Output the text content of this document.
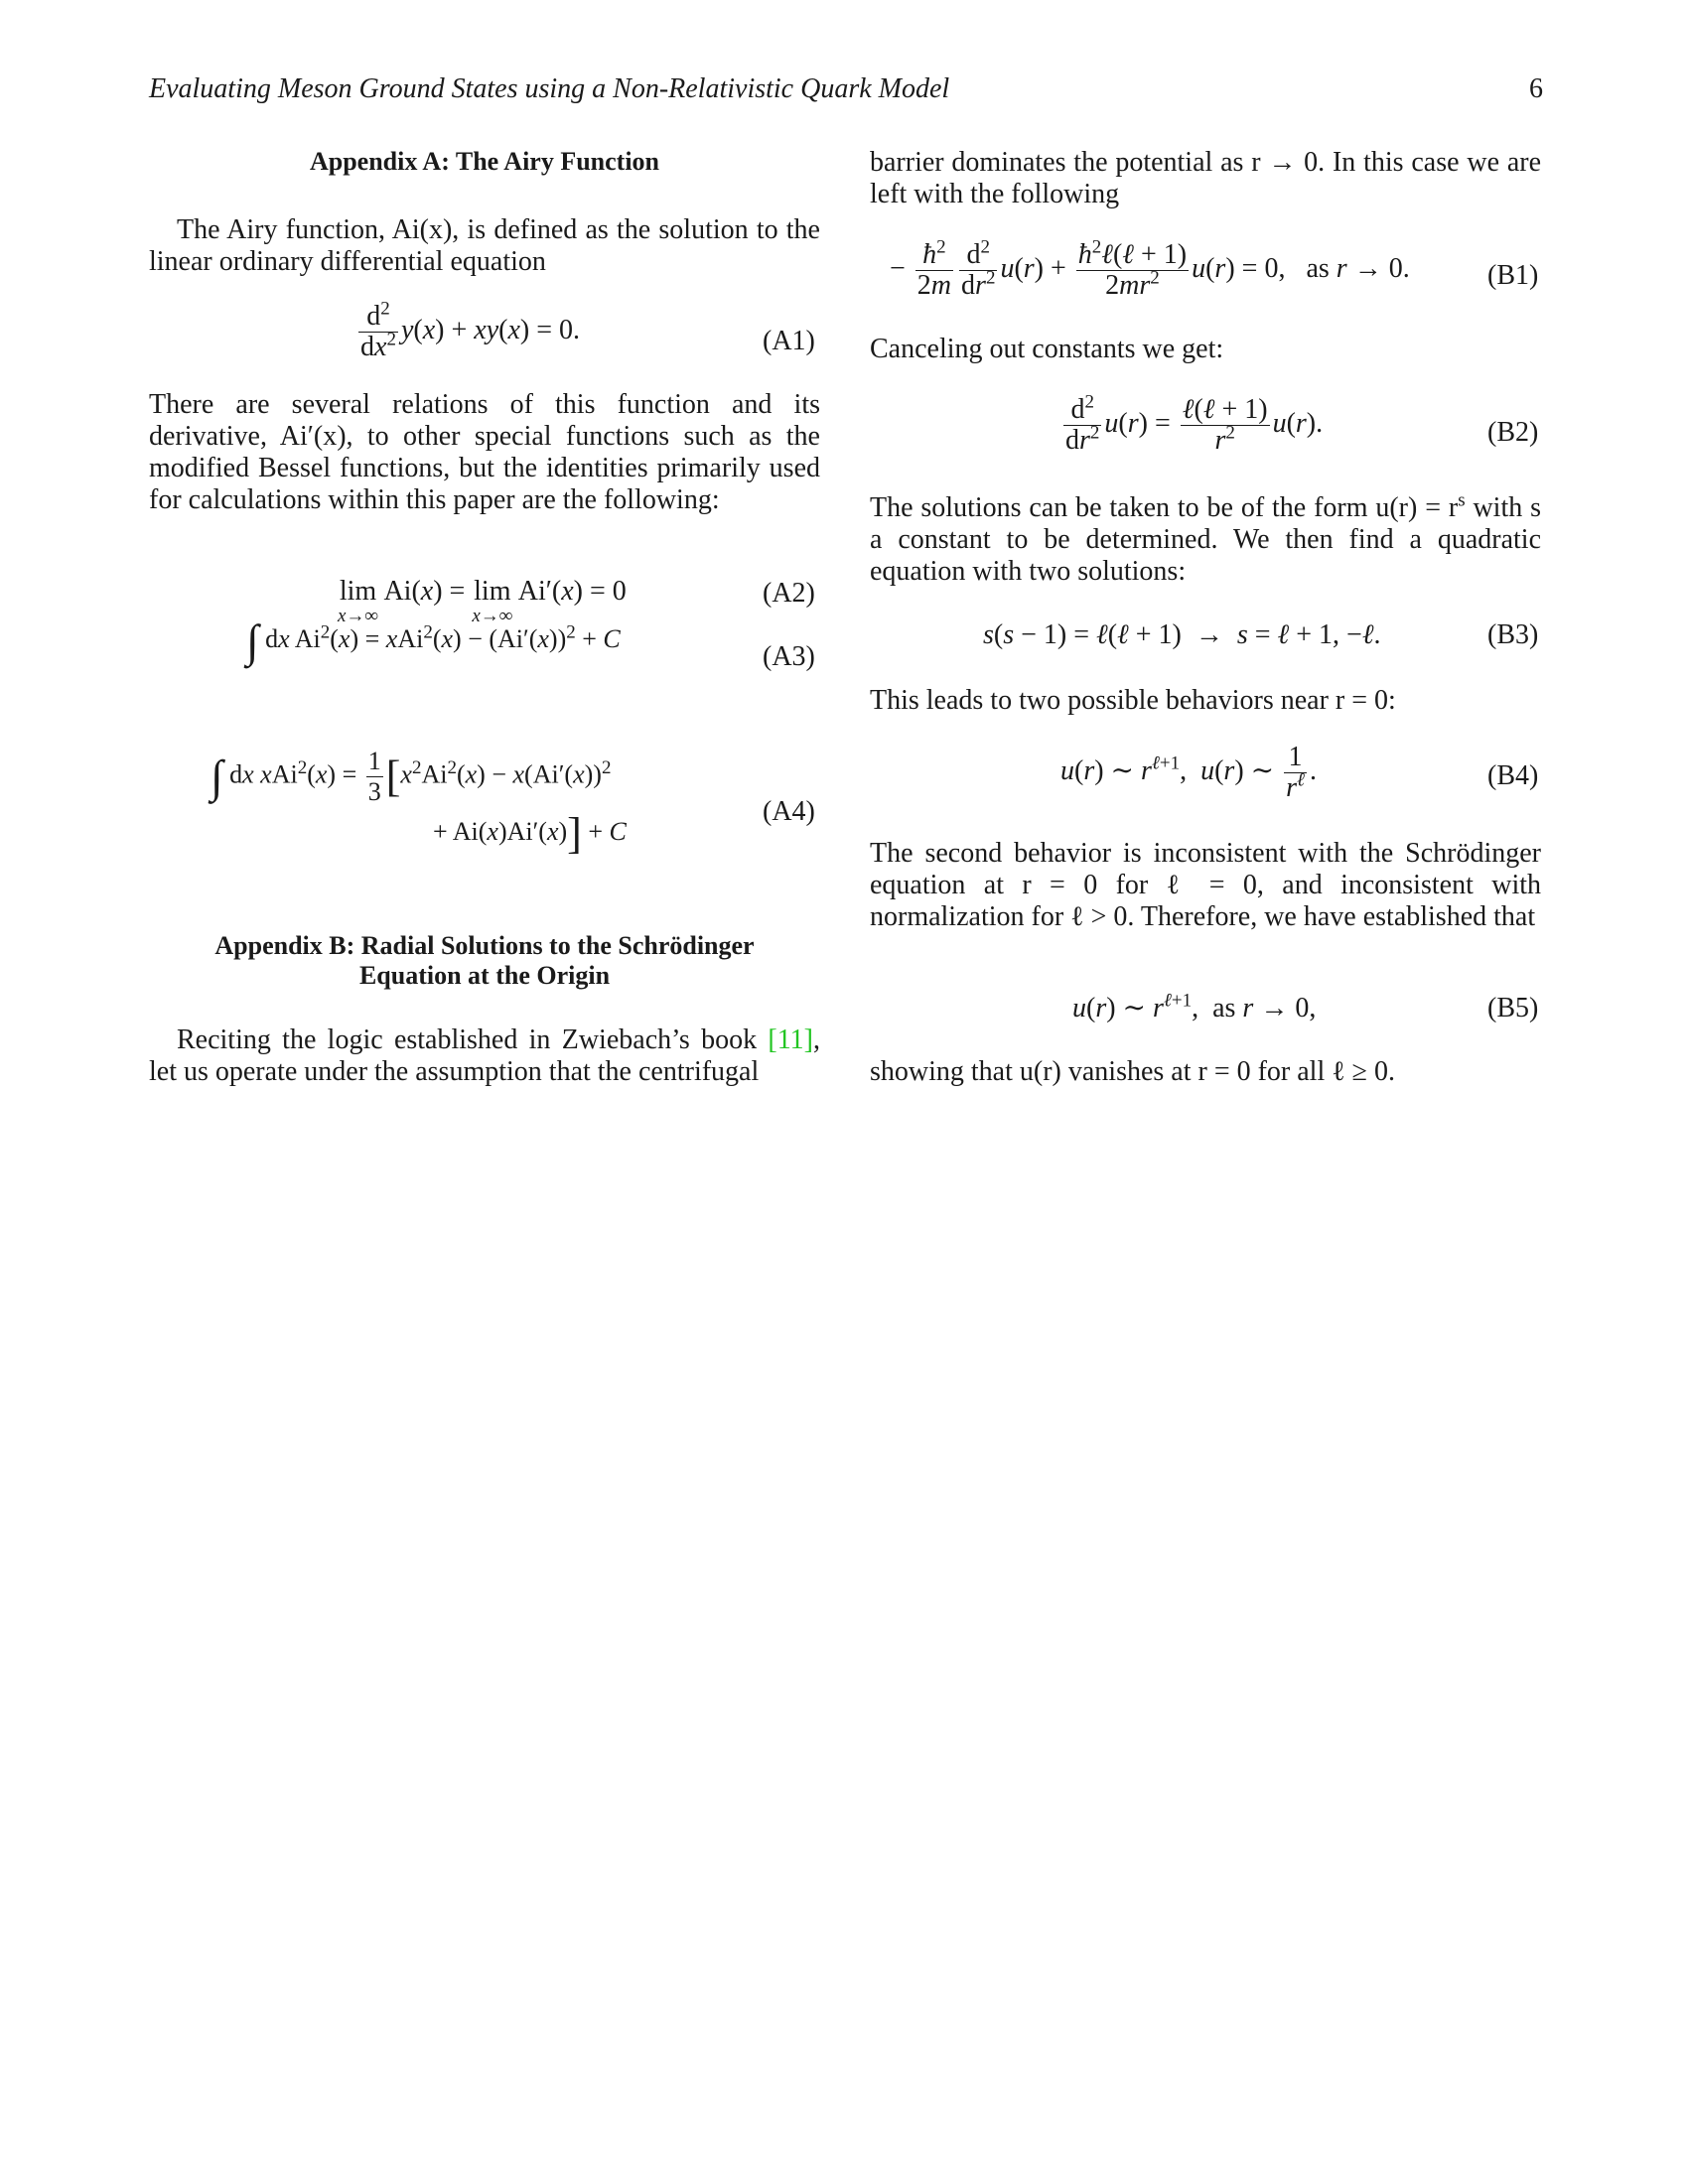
Evaluating Meson Ground States using a Non-Relativistic Quark Model	6
Appendix A: The Airy Function
The Airy function, Ai(x), is defined as the solution to the linear ordinary differential equation
$\frac{d^2}{dx^2} y(x) + xy(x) = 0$.	(A1)
There are several relations of this function and its derivative, Ai′(x), to other special functions such as the modified Bessel functions, but the identities primarily used for calculations within this paper are the following:
lim
x→∞
Ai(x) = lim
x→∞
Ai′(x) = 0	(A2)
∫ dx $Ai^2(x) = xAi^2(x) - (Ai'(x))^2 + C$
(A3)
∫ dx $xAi^2(x) = \frac{1}{3} [x^2Ai^2(x) - x(Ai'(x))^2$
+ Ai(x)Ai′(x)] + C
(A4)
Appendix B: Radial Solutions to the Schrödinger
Equation at the Origin
Reciting the logic established in Zwiebach’s book [11], let us operate under the assumption that the centrifugal
barrier dominates the potential as r → 0. In this case we are left with the following
− $\frac{ħ^2}{2m} \frac{d^2}{dr^2} u(r) + \frac{ħ^2\ell(\ell + 1)}{2mr^2} u(r) = 0$,   as r → 0.	(B1)
Canceling out constants we get:
$\frac{d^2}{dr^2} u(r) = \frac{\text{ℓ(ℓ + 1)}}{r^2} u(r)$.	(B2)
The solutions can be taken to be of the form $u(r) = r^s$ with s a constant to be determined. We then find a quadratic equation with two solutions:
s(s − 1) = ℓ(ℓ + 1)  →  s = ℓ + 1, −ℓ.	(B3)
This leads to two possible behaviors near r = 0:
u(r) ∼ $r^{\ell+1}$,  u(r) ∼ $\frac{1}{r^\ell}$ .	(B4)
The second behavior is inconsistent with the Schrödinger equation at r = 0 for ℓ = 0, and inconsistent with normalization for ℓ > 0. Therefore, we have established that
u(r) ∼ $r^{\ell+1}$,  as r → 0,	(B5)
showing that u(r) vanishes at r = 0 for all ℓ ≥ 0.
